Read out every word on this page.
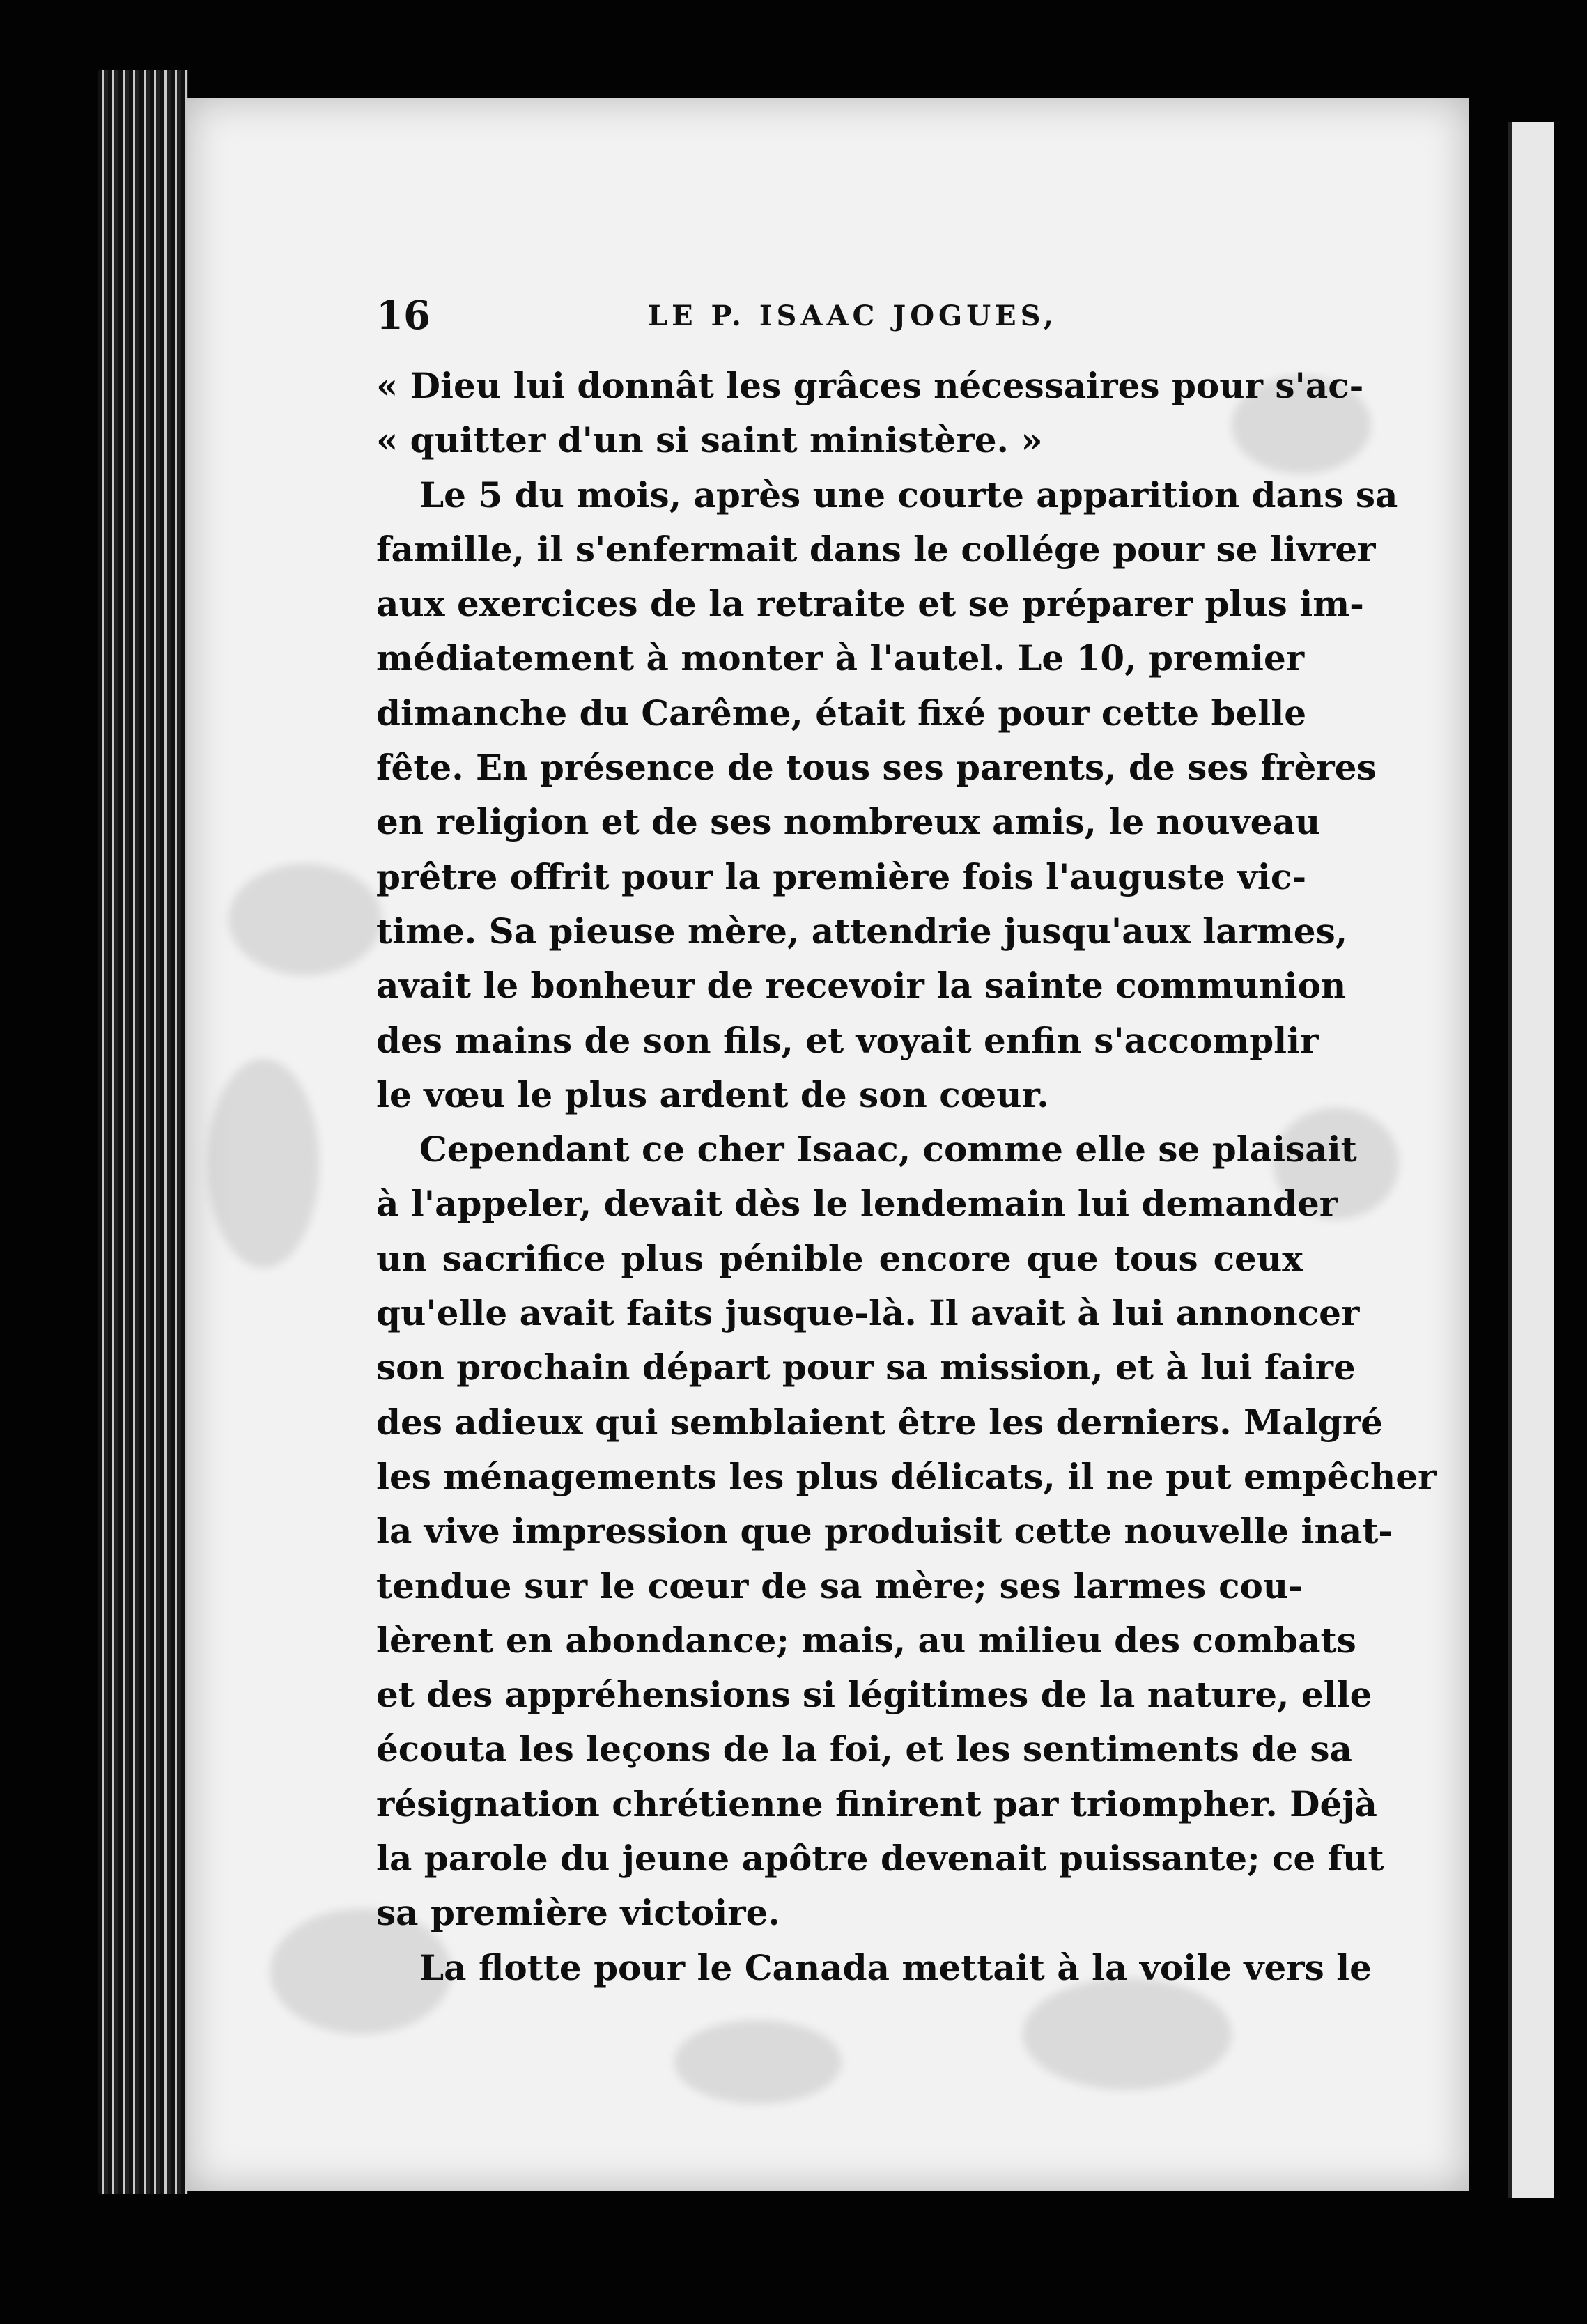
16	LE P. ISAAC JOGUES,
« Dieu lui donnât les grâces nécessaires pour s'ac-
« quitter d'un si saint ministère. »
Le 5 du mois, après une courte apparition dans sa
famille, il s'enfermait dans le collége pour se livrer
aux exercices de la retraite et se préparer plus im-
médiatement à monter à l'autel. Le 10, premier
dimanche du Carême, était fixé pour cette belle
fête. En présence de tous ses parents, de ses frères
en religion et de ses nombreux amis, le nouveau
prêtre offrit pour la première fois l'auguste vic-
time. Sa pieuse mère, attendrie jusqu'aux larmes,
avait le bonheur de recevoir la sainte communion
des mains de son fils, et voyait enfin s'accomplir
le vœu le plus ardent de son cœur.
Cependant ce cher Isaac, comme elle se plaisait
à l'appeler, devait dès le lendemain lui demander
un sacrifice plus pénible encore que tous ceux
qu'elle avait faits jusque-là. Il avait à lui annoncer
son prochain départ pour sa mission, et à lui faire
des adieux qui semblaient être les derniers. Malgré
les ménagements les plus délicats, il ne put empêcher
la vive impression que produisit cette nouvelle inat-
tendue sur le cœur de sa mère; ses larmes cou-
lèrent en abondance; mais, au milieu des combats
et des appréhensions si légitimes de la nature, elle
écouta les leçons de la foi, et les sentiments de sa
résignation chrétienne finirent par triompher. Déjà
la parole du jeune apôtre devenait puissante; ce fut
sa première victoire.
La flotte pour le Canada mettait à la voile vers le
